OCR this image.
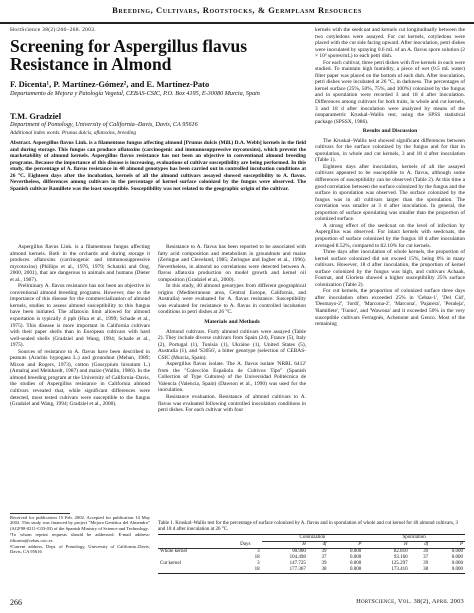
Breeding, Cultivars, Rootstocks, & Germplasm Resources
HortScience 38(2):266–268. 2003.
Screening for Aspergillus flavus Resistance in Almond
F. Dicenta¹, P. Martínez-Gómez², and E. Martínez-Pato
Departamento de Mejora y Patología Vegetal, CEBAS-CSIC, P.O. Box 4195, E-30080 Murcia, Spain
T.M. Gradziel
Department of Pomology, University of California–Davis, Davis, CA 95616
Additional index words. Prunus dulcis, aflatoxins, breeding
Abstract. Aspergillus flavus Link. is a filamentous fungus affecting almond [Prunus dulcis (Mill.) D.A. Webb] kernels in the field and during storage. This fungus can produce aflatoxins (carcinogenic and immunosuppressive mycotoxins), which prevent the marketability of almond kernels. Aspergillus flavus resistance has not been an objective in conventional almond breeding programs. Because the importance of this disease is increasing, evaluations of cultivar susceptibility are being performed. In this study, the percentage of A. flavus resistance in 40 almond genotypes has been carried out in controlled incubation conditions at 26 °C. Eighteen days after the incubation, kernels of all the almond cultivars assayed showed susceptibility to A. flavus. Nevertheless, differences among cultivars in the percentage of kernel surface colonized by the fungus were observed. The Spanish cultivar Ramillete was the least susceptible. Susceptibility was not related to the geographic origin of the cultivar.

Aspergillus flavus Link. is a filamentous fungus affecting almond kernels. Both in the orchards and during storage it produces aflatoxins (carcinogenic and immunosuppressive mycotoxins) (Phillips et al., 1976, 1979; Schatzki and Ong, 2000, 2001), that are dangerous to animals and humans (Dieter et al., 1987).

Preliminary A. flavus resistance has not been an objective in conventional almond breeding programs. However, due to the importance of this disease for the commercialization of almond kernels, studies to assess almond susceptibility to this fungus have been initiated. The aflatoxin limit allowed for almond exportation is typically 4 ppb (Hua et al., 1999; Schade et al., 1975). This disease is more important in California cultivars with their paper shells than in European cultivars with hard well-sealed shells (Gradziel and Wang, 1994; Schade et al., 1975).

Sources of resistance to A. flavus have been described in peanuts (Arachis hypogaea L.) and groundnut (Mehan, 1989; Mixon and Rogers, 1973), cotton (Gossypium hirsutum L.) (Amalraj and Meinhardt, 1987) and maize (Wallin, 1986). In the almond breeding program at the University of California–Davis, the studies of Aspergillus resistance in California almond cultivars revealed that, while significant differences were detected, most tested cultivars were susceptible to the fungus (Gradziel and Wang, 1994; Gradziel et al., 2000).

Received for publication 15 Feb. 2002. Accepted for publication 14 May 2002. This study was financed by project "Mejora Genética del Almendro" (AGF98-0211-C03-03) of the Spanish Ministry of Science and Technology.

¹To whom reprint requests should be addressed. E-mail address: fdicenta@cebas.csic.es

²Current address, Dept. of Pomology, University of California–Davis, Davis, CA 95616

Resistance to A. flavus has been reported to be associated with fatty acid composition and metabolism in groundnuts and maize (Zeringue and Cleveland, 1985; Zeringue and Ingber et al., 1996). Nevertheless, in almond no correlations were detected between A. flavus aflatoxin production on model growth and kernel oil composition (Gradziel et al., 2000).

In this study, 40 almond genotypes from different geographical origins (Mediterranean area, Central Europe, California, and Australia) were evaluated for A. flavus resistance. Susceptibility was evaluated for resistance to A. flavus in controlled incubation conditions in petri dishes at 26 °C.

Materials and Methods

Almond cultivars. Forty almond cultivars were assayed (Table 2). They include diverse cultivars from Spain (24), France (5), Italy (2), Portugal (1), Tunisia (1), Ukraine (1), United States (5), Australia (1), and 'S3056', a bitter genotype (selection of CEBAS-CSIC (Murcia, Spain).

Aspergillus flavus isolate. The A. flavus isolate 'NRRL 6412' from the "Colección Española de Cultivos Tipo" (Spanish Collection of Type Cultures) of the Universidad Politécnica de Valencia (Valencia, Spain) (Dawson et al., 1990) was used for the inoculation.

Resistance evaluation. Resistance of almond cultivars to A. flavus was evaluated following controlled inoculation conditions in petri dishes. For each cultivar with four

kernels with the seedcoat and kernels cut longitudinally between the two cotyledons were assayed. For cut kernels, cotyledons were placed with the cut side facing upward. After inoculation, petri dishes were inoculated by spraying 0.6 mL of an A. flavus spore solution (2 × 10⁵ spores/mL) to each petri dish.

For each cultivar, three petri dishes with five kernels in each were studied. To maintain high humidity, a piece of wet (0.5 mL water) filter paper was placed on the bottom of each dish. After inoculation, petri dishes were incubated at 26 °C, in darkness. The percentages of kernel surface (25%, 50%, 75%, and 100%) colonized by the fungus and in sporulation were recorded 3 and 18 d after inoculation. Differences among cultivars for both traits, in whole and cut kernels, 3 and 18 d after inoculation were analyzed by means of the nonparametric Kruskal–Wallis test, using the SPSS statistical package (SPSSX, 1986).

Results and Discussion

The Kruskal–Wallis test showed significant differences between cultivars for the surface colonized by the fungus and for that in sporulation, in whole and cut kernels, 3 and 18 d after inoculation (Table 1).

Eighteen days after inoculation, kernels of all the assayed cultivars appeared to be susceptible to A. flavus, although some differences of susceptibility can be observed (Table 2). At this time a good correlation between the surface colonized by the fungus and the surface in sporulation was observed. The surface colonized by the fungus was in all cultivars larger than the sporulation. The correlation was smaller at 3 d after inoculation. In general, the proportion of surface sporulating was smaller than the proportion of colonized surface.

A strong effect of the seedcoat on the level of infection by Aspergillus was observed. For intact kernels with seedcoats, the proportion of surface colonized by the fungus 18 d after inoculation averaged 8.52%, compared to 82.10% for cut kernels.

Three days after inoculation of whole kernels, the proportion of kernel surface colonized did not exceed 15%, being 0% in many cultivars. However, 18 d after inoculation, the proportion of kernel surface colonized by the fungus was high, and cultivars Achaak, Fournat, and Glorieta showed a higher susceptibility 25% surface colonization (Table 2).

For cut kernels, the proportion of colonized surface three days after inoculation often exceeded 25% in 'Cebas-1', 'Del Cid', 'Desmayo-2', 'Jordi', 'Marcona-2', 'Marcona', 'Pajarera', 'Peraleja', 'Ramillete', 'Tuono', and 'Wawona' and it exceeded 50% in the very susceptible cultivars Ferragnès, Achenone and Genco. Most of the remaining

Table 1. Kruskal–Wallis test for the percentage of surface colonized by A. flavus and in sporulation of whole and cut kernel for 40 almond cultivars, 3 and 18 d after inoculation at 26 °C.
		Colonization			Sporulation		
	Days	H	df	P	H	df	P
Whole kernel	3	90.900	39	0.000	82.810	39	0.000
	18	104.498	37	0.000	93.160	37	0.000
Cut kernel	3	147.725	39	0.000	125.297	39	0.000
	18	177.367	38	0.000	173.410	38	0.000
266	HortScience, Vol. 38(2), April 2003
